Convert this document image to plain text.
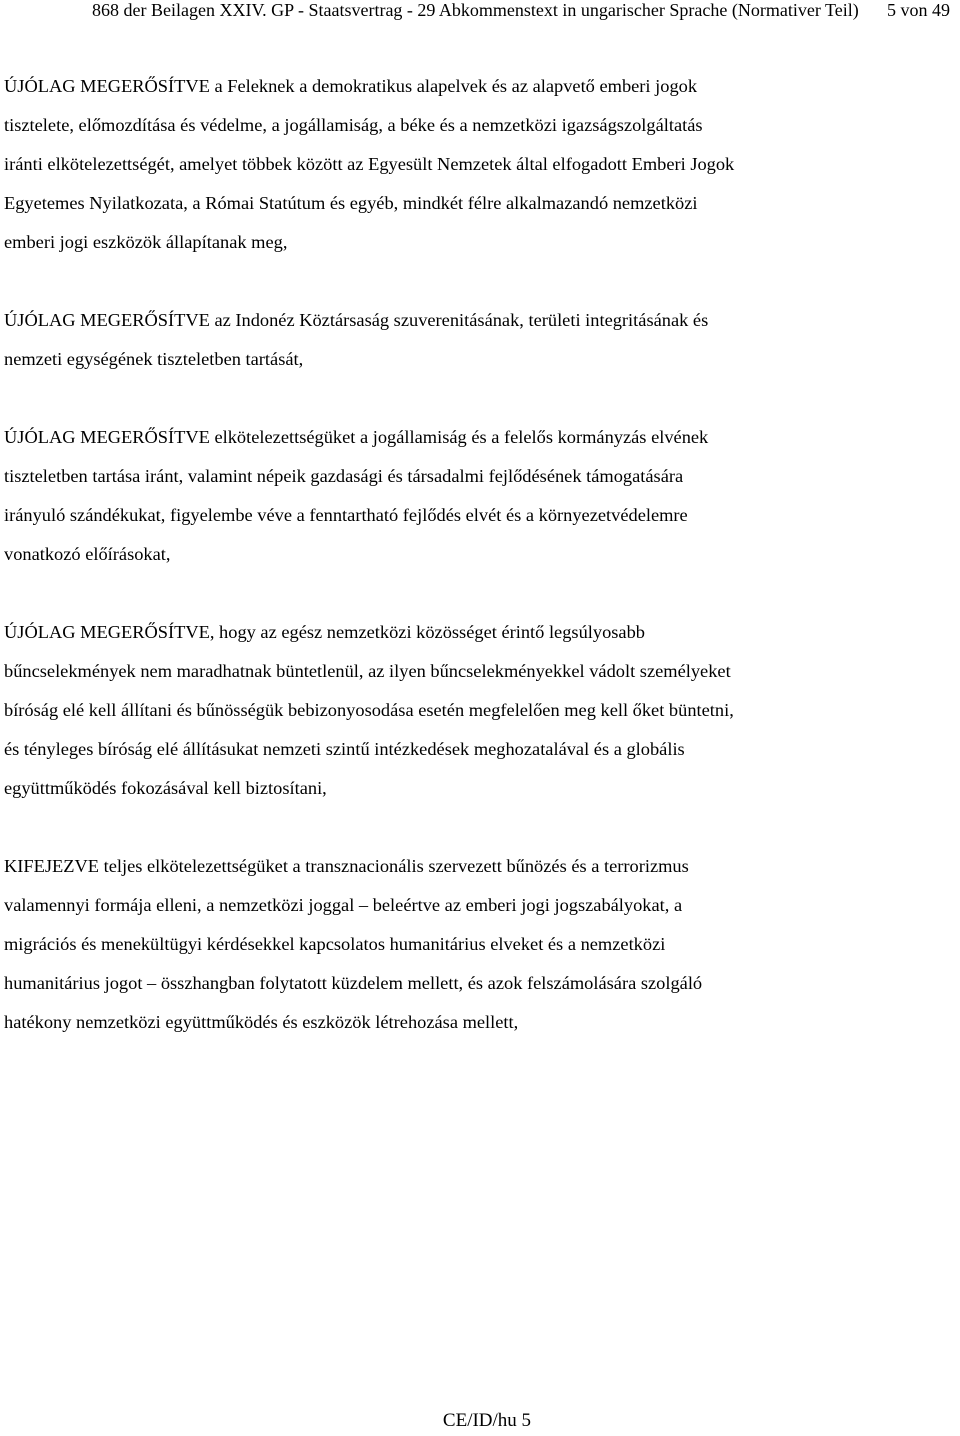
868 der Beilagen XXIV. GP - Staatsvertrag - 29 Abkommenstext in ungarischer Sprache (Normativer Teil) 5 von 49

ÚJÓLAG MEGERŐSÍTVE a Feleknek a demokratikus alapelvek és az alapvető emberi jogok
tisztelete, előmozdítása és védelme, a jogállamiság, a béke és a nemzetközi igazságszolgáltatás
iránti elkötelezettségét, amelyet többek között az Egyesült Nemzetek által elfogadott Emberi Jogok
Egyetemes Nyilatkozata, a Római Statútum és egyéb, mindkét félre alkalmazandó nemzetközi
emberi jogi eszközök állapítanak meg,

ÚJÓLAG MEGERŐSÍTVE az Indonéz Köztársaság szuverenitásának, területi integritásának és
nemzeti egységének tiszteletben tartását,

ÚJÓLAG MEGERŐSÍTVE elkötelezettségüket a jogállamiság és a felelős kormányzás elvének
tiszteletben tartása iránt, valamint népeik gazdasági és társadalmi fejlődésének támogatására
irányuló szándékukat, figyelembe véve a fenntartható fejlődés elvét és a környezetvédelemre
vonatkozó előírásokat,

ÚJÓLAG MEGERŐSÍTVE, hogy az egész nemzetközi közösséget érintő legsúlyosabb
bűncselekmények nem maradhatnak büntetlenül, az ilyen bűncselekményekkel vádolt személyeket
bíróság elé kell állítani és bűnösségük bebizonyosodása esetén megfelelően meg kell őket büntetni,
és tényleges bíróság elé állításukat nemzeti szintű intézkedések meghozatalával és a globális
együttműködés fokozásával kell biztosítani,

KIFEJEZVE teljes elkötelezettségüket a transznacionális szervezett bűnözés és a terrorizmus
valamennyi formája elleni, a nemzetközi joggal – beleértve az emberi jogi jogszabályokat, a
migrációs és menekültügyi kérdésekkel kapcsolatos humanitárius elveket és a nemzetközi
humanitárius jogot – összhangban folytatott küzdelem mellett, és azok felszámolására szolgáló
hatékony nemzetközi együttműködés és eszközök létrehozása mellett,

CE/ID/hu 5
